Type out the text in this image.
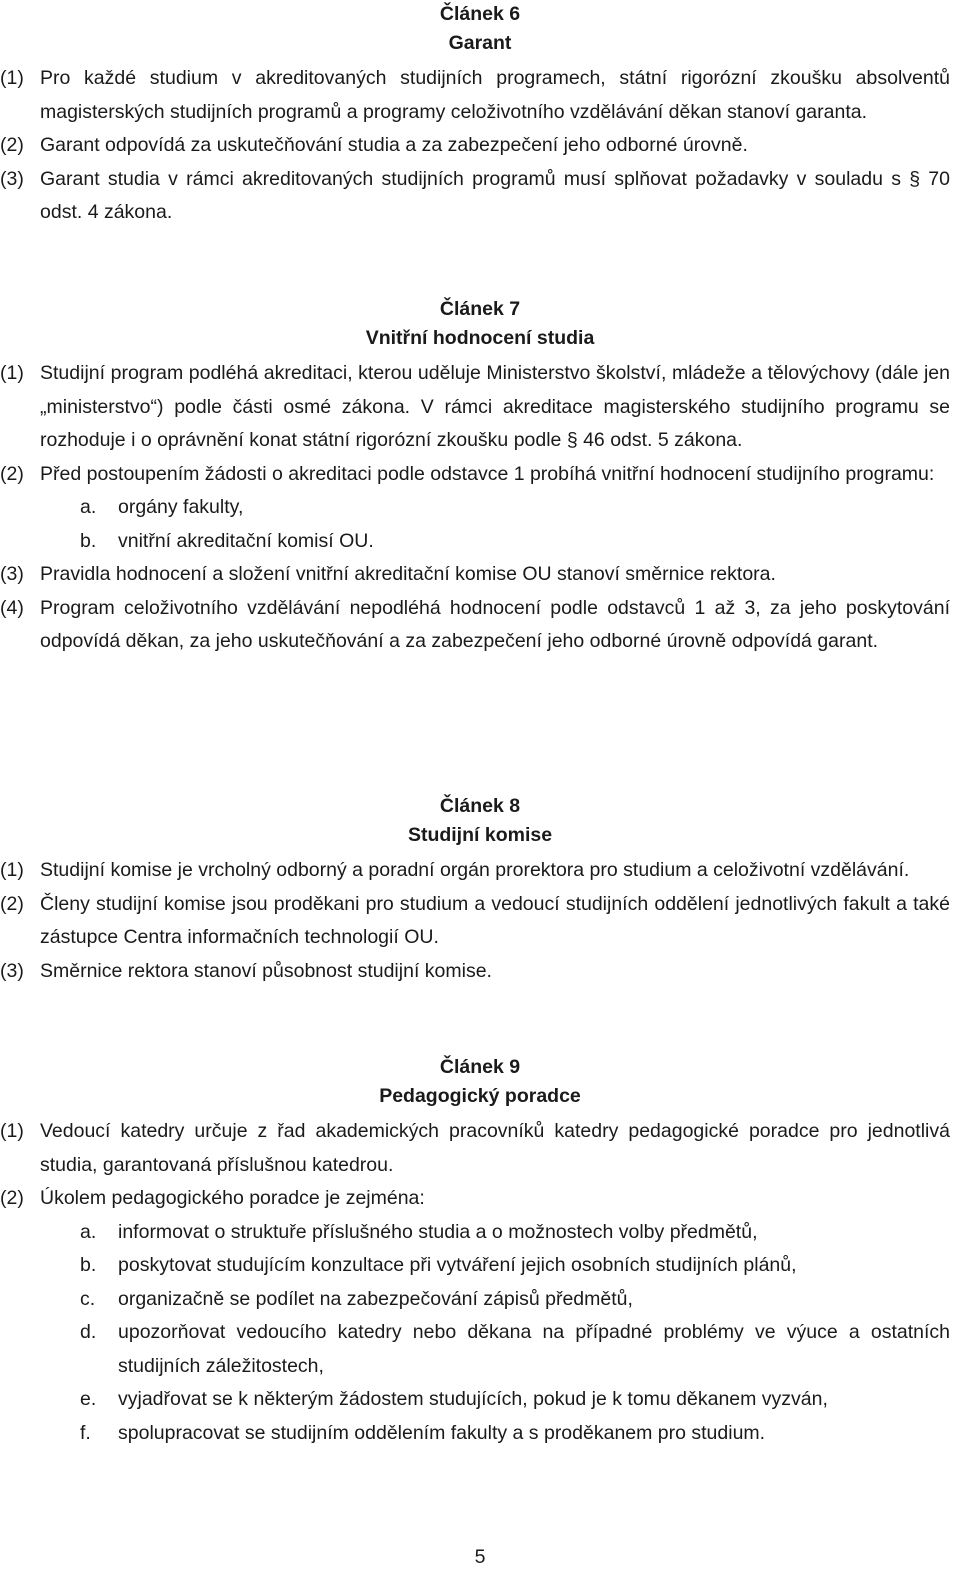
Článek 6

Garant

(1) Pro každé studium v akreditovaných studijních programech, státní rigorózní zkoušku absolventů magisterských studijních programů a programy celoživotního vzdělávání děkan stanoví garanta.
(2) Garant odpovídá za uskutečňování studia a za zabezpečení jeho odborné úrovně.
(3) Garant studia v rámci akreditovaných studijních programů musí splňovat požadavky v souladu s § 70 odst. 4 zákona.

Článek 7

Vnitřní hodnocení studia

(1) Studijní program podléhá akreditaci, kterou uděluje Ministerstvo školství, mládeže a tělovýchovy (dále jen „ministerstvo“) podle části osmé zákona. V rámci akreditace magisterského studijního programu se rozhoduje i o oprávnění konat státní rigorózní zkoušku podle § 46 odst. 5 zákona.
(2) Před postoupením žádosti o akreditaci podle odstavce 1 probíhá vnitřní hodnocení studijního programu:
a. orgány fakulty,
b. vnitřní akreditační komisí OU.
(3) Pravidla hodnocení a složení vnitřní akreditační komise OU stanoví směrnice rektora.
(4) Program celoživotního vzdělávání nepodléhá hodnocení podle odstavců 1 až 3, za jeho poskytování odpovídá děkan, za jeho uskutečňování a za zabezpečení jeho odborné úrovně odpovídá garant.

Článek 8

Studijní komise

(1) Studijní komise je vrcholný odborný a poradní orgán prorektora pro studium a celoživotní vzdělávání.
(2) Členy studijní komise jsou proděkani pro studium a vedoucí studijních oddělení jednotlivých fakult a také zástupce Centra informačních technologií OU.
(3) Směrnice rektora stanoví působnost studijní komise.

Článek 9

Pedagogický poradce

(1) Vedoucí katedry určuje z řad akademických pracovníků katedry pedagogické poradce pro jednotlivá studia, garantovaná příslušnou katedrou.
(2) Úkolem pedagogického poradce je zejména:
a. informovat o struktuře příslušného studia a o možnostech volby předmětů,
b. poskytovat studujícím konzultace při vytváření jejich osobních studijních plánů,
c. organizačně se podílet na zabezpečování zápisů předmětů,
d. upozorňovat vedoucího katedry nebo děkana na případné problémy ve výuce a ostatních studijních záležitostech,
e. vyjadřovat se k některým žádostem studujících, pokud je k tomu děkanem vyzván,
f. spolupracovat se studijním oddělením fakulty a s proděkanem pro studium.
5
